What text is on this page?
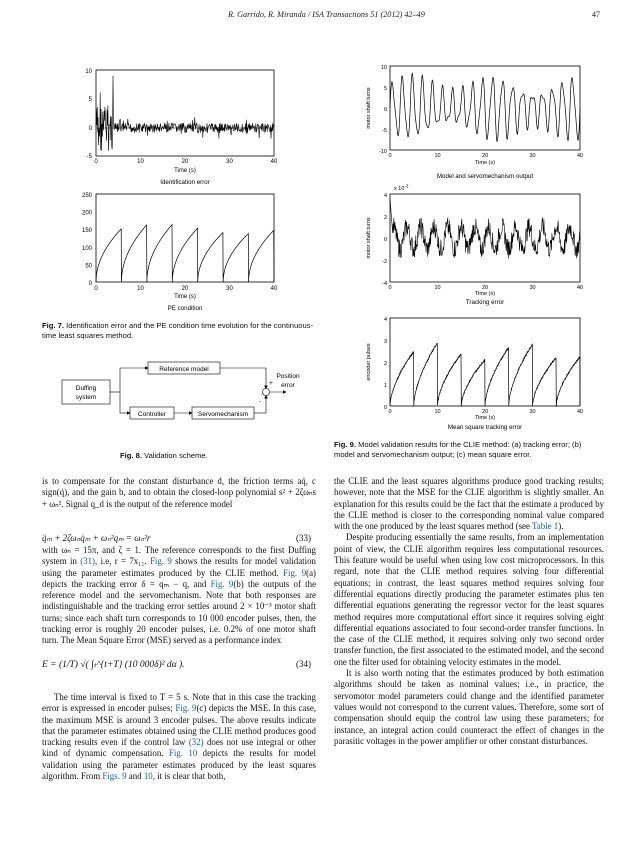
R. Garrido, R. Miranda / ISA Transactions 51 (2012) 42–49	47
10
5
0
-5
0	10	20	30	40
Time (s)
Identification error
250
200
150
100
50
0
0	10	20	30	40
Time (s)
PE condition
Fig. 7. Identification error and the PE condition time evolution for the continuous-time least squares method.
Duffing
system
Reference model
Controller	Servomechanism
+
-
Position
error
Fig. 8. Validation scheme.
motor shaft turns
10
5
0
-5
-10
0	10	20	30	40
Time (s)
Model and servomechanism output
x $10^{-3}$
motor shaft turns
4
2
0
-2
-4
0	10	20	30	40
Time (s)
Tracking error
encoder pulses
4
3
2
1
0
0	10	20	30	40
Time (s)
Mean square tracking error
Fig. 9. Model validation results for the CLIE method: (a) tracking error; (b) model and servomechanism output; (c) mean square error.

is to compensate for the constant disturbance d, the friction terms aq̇, c sign(q̇), and the gain b, and to obtain the closed-loop polynomial s² + 2ζωₙs + ωₙ². Signal q_d is the output of the reference model

q̈ₘ + 2ζωₙq̇ₘ + ωₙ²qₘ = ωₙ²r	(33)

with ωₙ = 15π, and ζ = 1. The reference corresponds to the first Duffing system in (31), i.e, r = 7x₁₁. Fig. 9 shows the results for model validation using the parameter estimates produced by the CLIE method. Fig. 9(a) depicts the tracking error δ = qₘ − q, and Fig. 9(b) the outputs of the reference model and the servomechanism. Note that both responses are indistinguishable and the tracking error settles around 2 × 10⁻³ motor shaft turns; since each shaft turn corresponds to 10 000 encoder pulses, then, the tracking error is roughly 20 encoder pulses, i.e. 0.2% of one motor shaft turn. The Mean Square Error (MSE) served as a performance index

E = (1/T) √( ∫ₜ^{t+T} (10 000δ)² dα ).	(34)

The time interval is fixed to T = 5 s. Note that in this case the tracking error is expressed in encoder pulses; Fig. 9(c) depicts the MSE. In this case, the maximum MSE is around 3 encoder pulses. The above results indicate that the parameter estimates obtained using the CLIE method produces good tracking results even if the control law (32) does not use integral or other kind of dynamic compensation. Fig. 10 depicts the results for model validation using the parameter estimates produced by the least squares algorithm. From Figs. 9 and 10, it is clear that both,

the CLIE and the least squares algorithms produce good tracking results; however, note that the MSE for the CLIE algorithm is slightly smaller. An explanation for this results could be the fact that the estimate a produced by the CLIE method is closer to the corresponding nominal value compared with the one produced by the least squares method (see Table 1).

Despite producing essentially the same results, from an implementation point of view, the CLIE algorithm requires less computational resources. This feature would be useful when using low cost microprocessors. In this regard, note that the CLIE method requires solving four differential equations; in contrast, the least squares method requires solving four differential equations directly producing the parameter estimates plus ten differential equations generating the regressor vector for the least squares method requires more computational effort since it requires solving eight differential equations associated to four second-order transfer functions. In the case of the CLIE method, it requires solving only two second order transfer function, the first associated to the estimated model, and the second one the filter used for obtaining velocity estimates in the model.

It is also worth noting that the estimates produced by both estimation algorithms should be taken as nominal values; i.e., in practice, the servomotor model parameters could change and the identified parameter values would not correspond to the current values. Therefore, some sort of compensation should equip the control law using these parameters; for instance, an integral action could counteract the effect of changes in the parasitic voltages in the power amplifier or other constant disturbances.
